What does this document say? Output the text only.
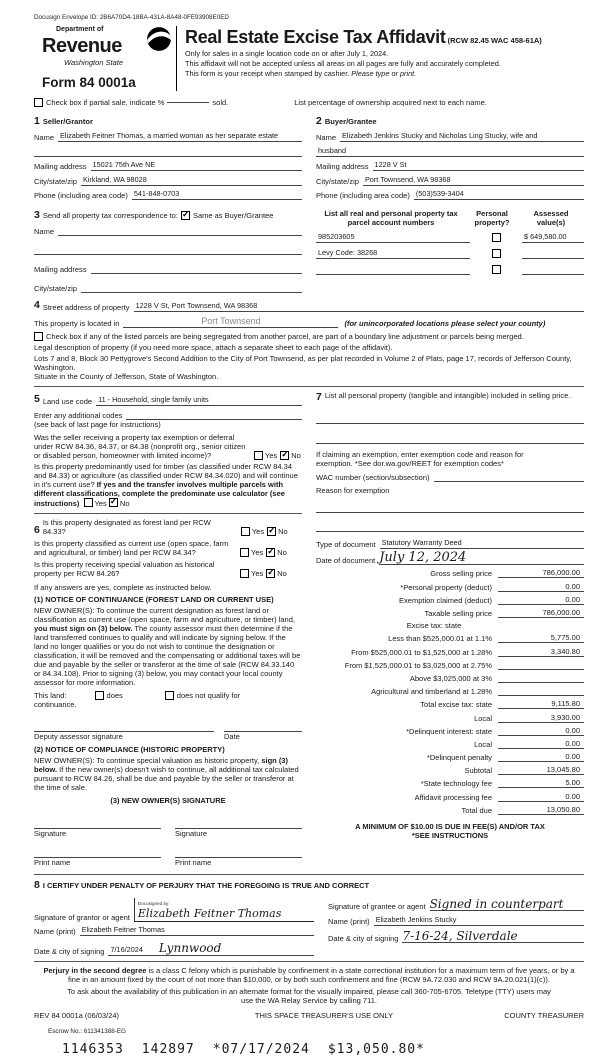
Docusign Envelope ID: 2B6A70D4-18BA-431A-8A48-0FE93908E0ED
Department of
Revenue
Washington State
Form 84 0001a
Real Estate Excise Tax Affidavit (RCW 82.45 WAC 458-61A)
Only for sales in a single location code on or after July 1, 2024.
This affidavit will not be accepted unless all areas on all pages are fully and accurately completed.
This form is your receipt when stamped by cashier. Please type or print.
Check box if partial sale, indicate %	sold.	List percentage of ownership acquired next to each name.
1 Seller/Grantor
Name Elizabeth Feitner Thomas, a married woman as her separate estate
Mailing address 15021 75th Ave NE
City/state/zip Kirkland, WA 98028
Phone (including area code) 541-848-0703
2 Buyer/Grantee
Name Elizabeth Jenkins Stucky and Nicholas Ling Stucky, wife and
husband
Mailing address 1228 V St
City/state/zip Port Townsend, WA 98368
Phone (including area code) (503)539-3404
3 Send all property tax correspondence to: ✓ Same as Buyer/Grantee
Name
Mailing address
City/state/zip
List all real and personal property tax
parcel account numbers
Personal
property?
Assessed
value(s)
985203605	$ 649,580.00
Levy Code: 38268
4 Street address of property 1228 V St, Port Townsend, WA 98368
This property is located in	Port Townsend	(for unincorporated locations please select your county)
Check box if any of the listed parcels are being segregated from another parcel, are part of a boundary line adjustment or parcels being merged.
Legal description of property (if you need more space, attach a separate sheet to each page of the affidavit).
Lots 7 and 8, Block 30 Pettygrove's Second Addition to the City of Port Townsend, as per plat recorded in Volume 2 of Plats, page 17, records of Jefferson County, Washington.
Situate in the County of Jefferson, State of Washington.
5 Land use code 11 - Household, single family units
Enter any additional codes
(see back of last page for instructions)
Was the seller receiving a property tax exemption or deferral under RCW 84.36, 84.37, or 84.38 (nonprofit org., senior citizen or disabled person, homeowner with limited income)?	Yes ✓ No
Is this property predominantly used for timber (as classified under RCW 84.34 and 84.33) or agriculture (as classified under RCW 84.34.020) and will continue in it's current use? If yes and the transfer involves multiple parcels with different classifications, complete the predominate use calculator (see instructions) Yes ✓ No
6
Is this property designated as forest land per RCW 84.33?	Yes ✓ No
Is this property classified as current use (open space, farm and agricultural, or timber) land per RCW 84.34?	Yes ✓ No
Is this property receiving special valuation as historical property per RCW 84.26?	Yes ✓ No
If any answers are yes, complete as instructed below.
(1) NOTICE OF CONTINUANCE (FOREST LAND OR CURRENT USE)
NEW OWNER(S): To continue the current designation as forest land or classification as current use (open space, farm and agriculture, or timber) land, you must sign on (3) below. The county assessor must then determine if the land transferred continues to qualify and will indicate by signing below. If the land no longer qualifies or you do not wish to continue the designation or classification, it will be removed and the compensating or additional taxes will be due and payable by the seller or transferor at the time of sale (RCW 84.33.140 or 84.34.108). Prior to signing (3) below, you may contact your local county assessor for more information.
This land:	does	does not qualify for
continuance.
Deputy assessor signature	Date
(2) NOTICE OF COMPLIANCE (HISTORIC PROPERTY)
NEW OWNER(S): To continue special valuation as historic property, sign (3) below. If the new owner(s) doesn't wish to continue, all additional tax calculated pursuant to RCW 84.26, shall be due and payable by the seller or transferor at the time of sale.
(3) NEW OWNER(S) SIGNATURE
Signature	Signature
Print name	Print name
7 List all personal property (tangible and intangible) included in selling price.
If claiming an exemption, enter exemption code and reason for
exemption. *See dor.wa.gov/REET for exemption codes*
WAC number (section/subsection)
Reason for exemption
Type of document Statutory Warranty Deed
Date of document July 12, 2024
Gross selling price	786,000.00
*Personal property (deduct)	0.00
Exemption claimed (deduct)	0.00
Taxable selling price	786,000.00
Excise tax: state
Less than $525,000.01 at 1.1%	5,775.00
From $525,000.01 to $1,525,000 at 1.28%	3,340.80
From $1,525,000.01 to $3,025,000 at 2.75%
Above $3,025,000 at 3%
Agricultural and timberland at 1.28%
Total excise tax: state	9,115.80
Local	3,930.00
*Delinquent interest: state	0.00
Local	0.00
*Delinquent penalty	0.00
Subtotal	13,045.80
*State technology fee	5.00
Affidavit processing fee	0.00
Total due	13,050.80
A MINIMUM OF $10.00 IS DUE IN FEE(S) AND/OR TAX
*SEE INSTRUCTIONS
8 I CERTIFY UNDER PENALTY OF PERJURY THAT THE FOREGOING IS TRUE AND CORRECT
Signature of grantor or agent
Docusigned by:
Elizabeth Feitner Thomas
Name (print) Elizabeth Feitner Thomas
Date & city of signing 7/16/2024 Lynnwood
Signature of grantee or agent Signed in counterpart
Name (print) Elizabeth Jenkins Stucky
Date & city of signing 7-16-24, Silverdale
Perjury in the second degree is a class C felony which is punishable by confinement in a state correctional institution for a maximum term of five years, or by a fine in an amount fixed by the court of not more than $10,000, or by both such confinement and fine (RCW 9A.72.030 and RCW 9A.20.021(1)(c)).
To ask about the availability of this publication in an alternate format for the visually impaired, please call 360-705-6705. Teletype (TTY) users may use the WA Relay Service by calling 711.
REV 84 0001a (06/03/24)	THIS SPACE TREASURER'S USE ONLY	COUNTY TREASURER
Escrow No.: 611341388-EG
1146353 142897 *07/17/2024 $13,050.80*
